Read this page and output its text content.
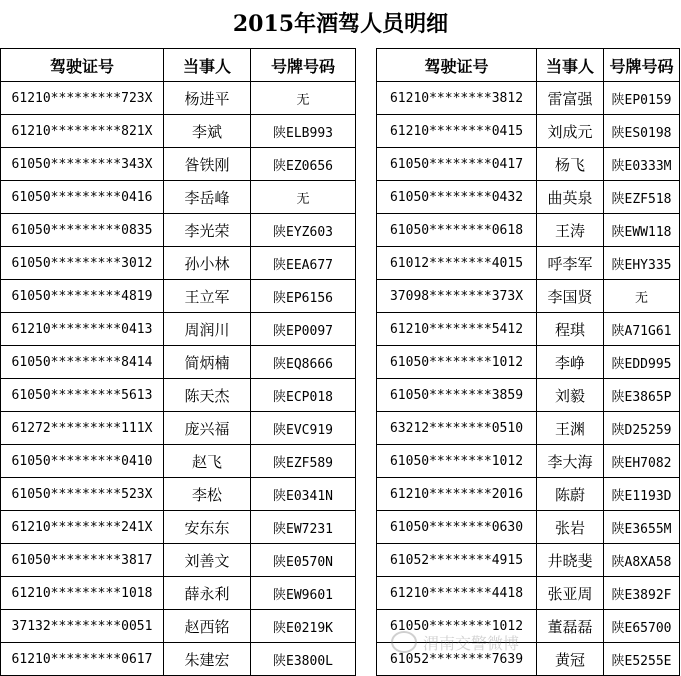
2015年酒驾人员明细
驾驶证号	当事人	号牌号码
61210*********723X	杨进平	无
61210*********821X	李斌	陕ELB993
61050*********343X	昝铁刚	陕EZ0656
61050*********0416	李岳峰	无
61050*********0835	李光荣	陕EYZ603
61050*********3012	孙小林	陕EEA677
61050*********4819	王立军	陕EP6156
61210*********0413	周润川	陕EP0097
61050*********8414	简炳楠	陕EQ8666
61050*********5613	陈天杰	陕ECP018
61272*********111X	庞兴福	陕EVC919
61050*********0410	赵飞	陕EZF589
61050*********523X	李松	陕E0341N
61210*********241X	安东东	陕EW7231
61050*********3817	刘善文	陕E0570N
61210*********1018	薛永利	陕EW9601
37132*********0051	赵西铭	陕E0219K
61210*********0617	朱建宏	陕E3800L
驾驶证号	当事人	号牌号码
61210********3812	雷富强	陕EP0159
61210********0415	刘成元	陕ES0198
61050********0417	杨飞	陕E0333M
61050********0432	曲英泉	陕EZF518
61050********0618	王涛	陕EWW118
61012********4015	呼李军	陕EHY335
37098********373X	李国贤	无
61210********5412	程琪	陕A71G61
61050********1012	李峥	陕EDD995
61050********3859	刘毅	陕E3865P
63212********0510	王渊	陕D25259
61050********1012	李大海	陕EH7082
61210********2016	陈蔚	陕E1193D
61050********0630	张岩	陕E3655M
61052********4915	井晓斐	陕A8XA58
61210********4418	张亚周	陕E3892F
61050********1012	董磊磊	陕E65700
61052********7639	黄冠	陕E5255E
渭南交警微博
